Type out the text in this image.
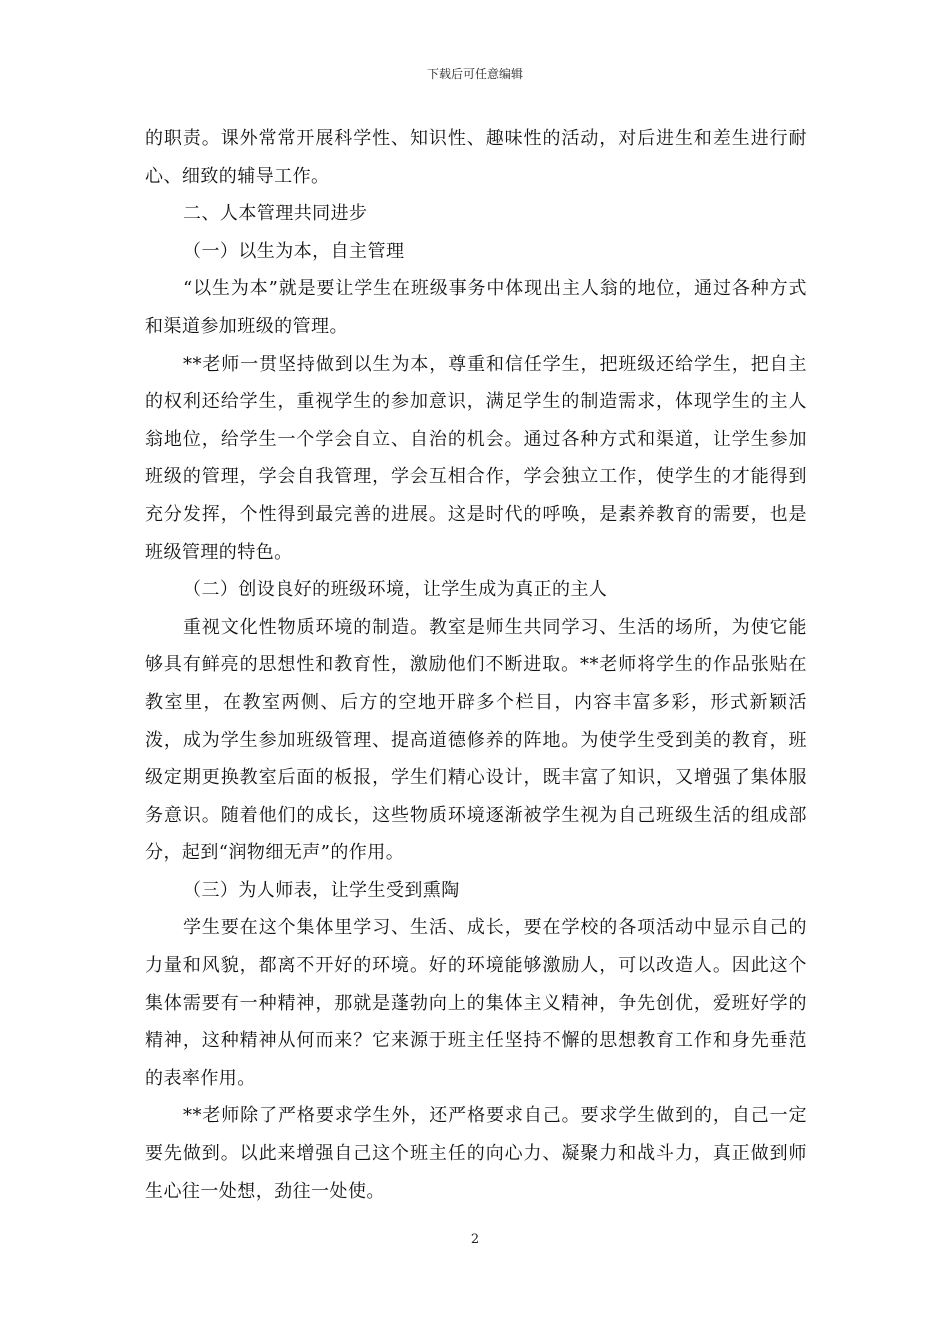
下载后可任意编辑

的职责。课外常常开展科学性、知识性、趣味性的活动，对后进生和差生进行耐心、细致的辅导工作。

二、人本管理共同进步

（一）以生为本，自主管理

“以生为本”就是要让学生在班级事务中体现出主人翁的地位，通过各种方式和渠道参加班级的管理。

**老师一贯坚持做到以生为本，尊重和信任学生，把班级还给学生，把自主的权利还给学生，重视学生的参加意识，满足学生的制造需求，体现学生的主人翁地位，给学生一个学会自立、自治的机会。通过各种方式和渠道，让学生参加班级的管理，学会自我管理，学会互相合作，学会独立工作，使学生的才能得到充分发挥，个性得到最完善的进展。这是时代的呼唤，是素养教育的需要，也是班级管理的特色。

（二）创设良好的班级环境，让学生成为真正的主人

重视文化性物质环境的制造。教室是师生共同学习、生活的场所，为使它能够具有鲜亮的思想性和教育性，激励他们不断进取。**老师将学生的作品张贴在教室里，在教室两侧、后方的空地开辟多个栏目，内容丰富多彩，形式新颖活泼，成为学生参加班级管理、提高道德修养的阵地。为使学生受到美的教育，班级定期更换教室后面的板报，学生们精心设计，既丰富了知识，又增强了集体服务意识。随着他们的成长，这些物质环境逐渐被学生视为自己班级生活的组成部分，起到“润物细无声”的作用。

（三）为人师表，让学生受到熏陶

学生要在这个集体里学习、生活、成长，要在学校的各项活动中显示自己的力量和风貌，都离不开好的环境。好的环境能够激励人，可以改造人。因此这个集体需要有一种精神，那就是蓬勃向上的集体主义精神，争先创优，爱班好学的精神，这种精神从何而来？它来源于班主任坚持不懈的思想教育工作和身先垂范的表率作用。

**老师除了严格要求学生外，还严格要求自己。要求学生做到的，自己一定要先做到。以此来增强自己这个班主任的向心力、凝聚力和战斗力，真正做到师生心往一处想，劲往一处使。

2
